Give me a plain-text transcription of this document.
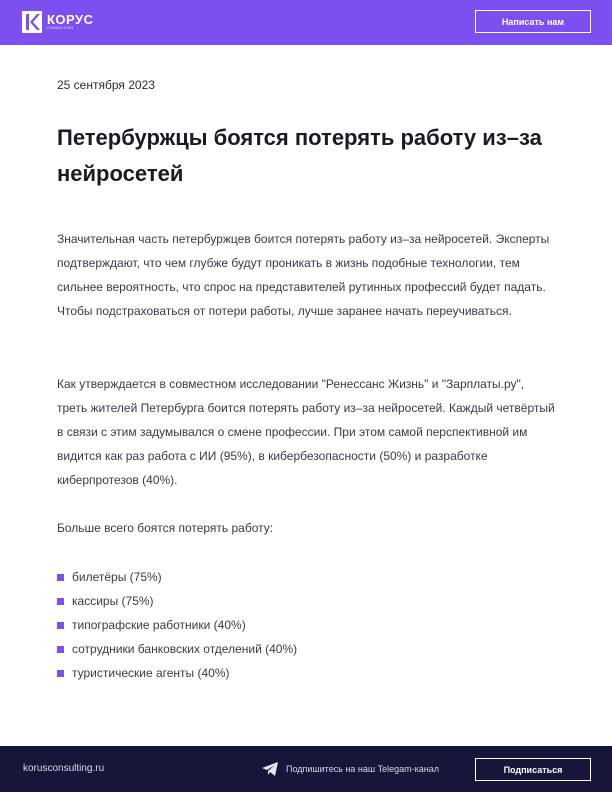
КОРУС
CONSULTING
Написать нам
25 сентября 2023
Петербуржцы боятся потерять работу из–за нейросетей

Значительная часть петербуржцев боится потерять работу из–за нейросетей. Эксперты подтверждают, что чем глубже будут проникать в жизнь подобные технологии, тем сильнее вероятность, что спрос на представителей рутинных профессий будет падать. Чтобы подстраховаться от потери работы, лучше заранее начать переучиваться.

Как утверждается в совместном исследовании "Ренессанс Жизнь" и "Зарплаты.ру", треть жителей Петербурга боится потерять работу из–за нейросетей. Каждый четвёртый в связи с этим задумывался о смене профессии. При этом самой перспективной им видится как раз работа с ИИ (95%), в кибербезопасности (50%) и разработке киберпротезов (40%).

Больше всего боятся потерять работу:

билетёры (75%)
кассиры (75%)
типографские работники (40%)
сотрудники банковских отделений (40%)
туристические агенты (40%)
korusconsulting.ru	Подпишитесь на наш Telegam-канал	Подписаться
